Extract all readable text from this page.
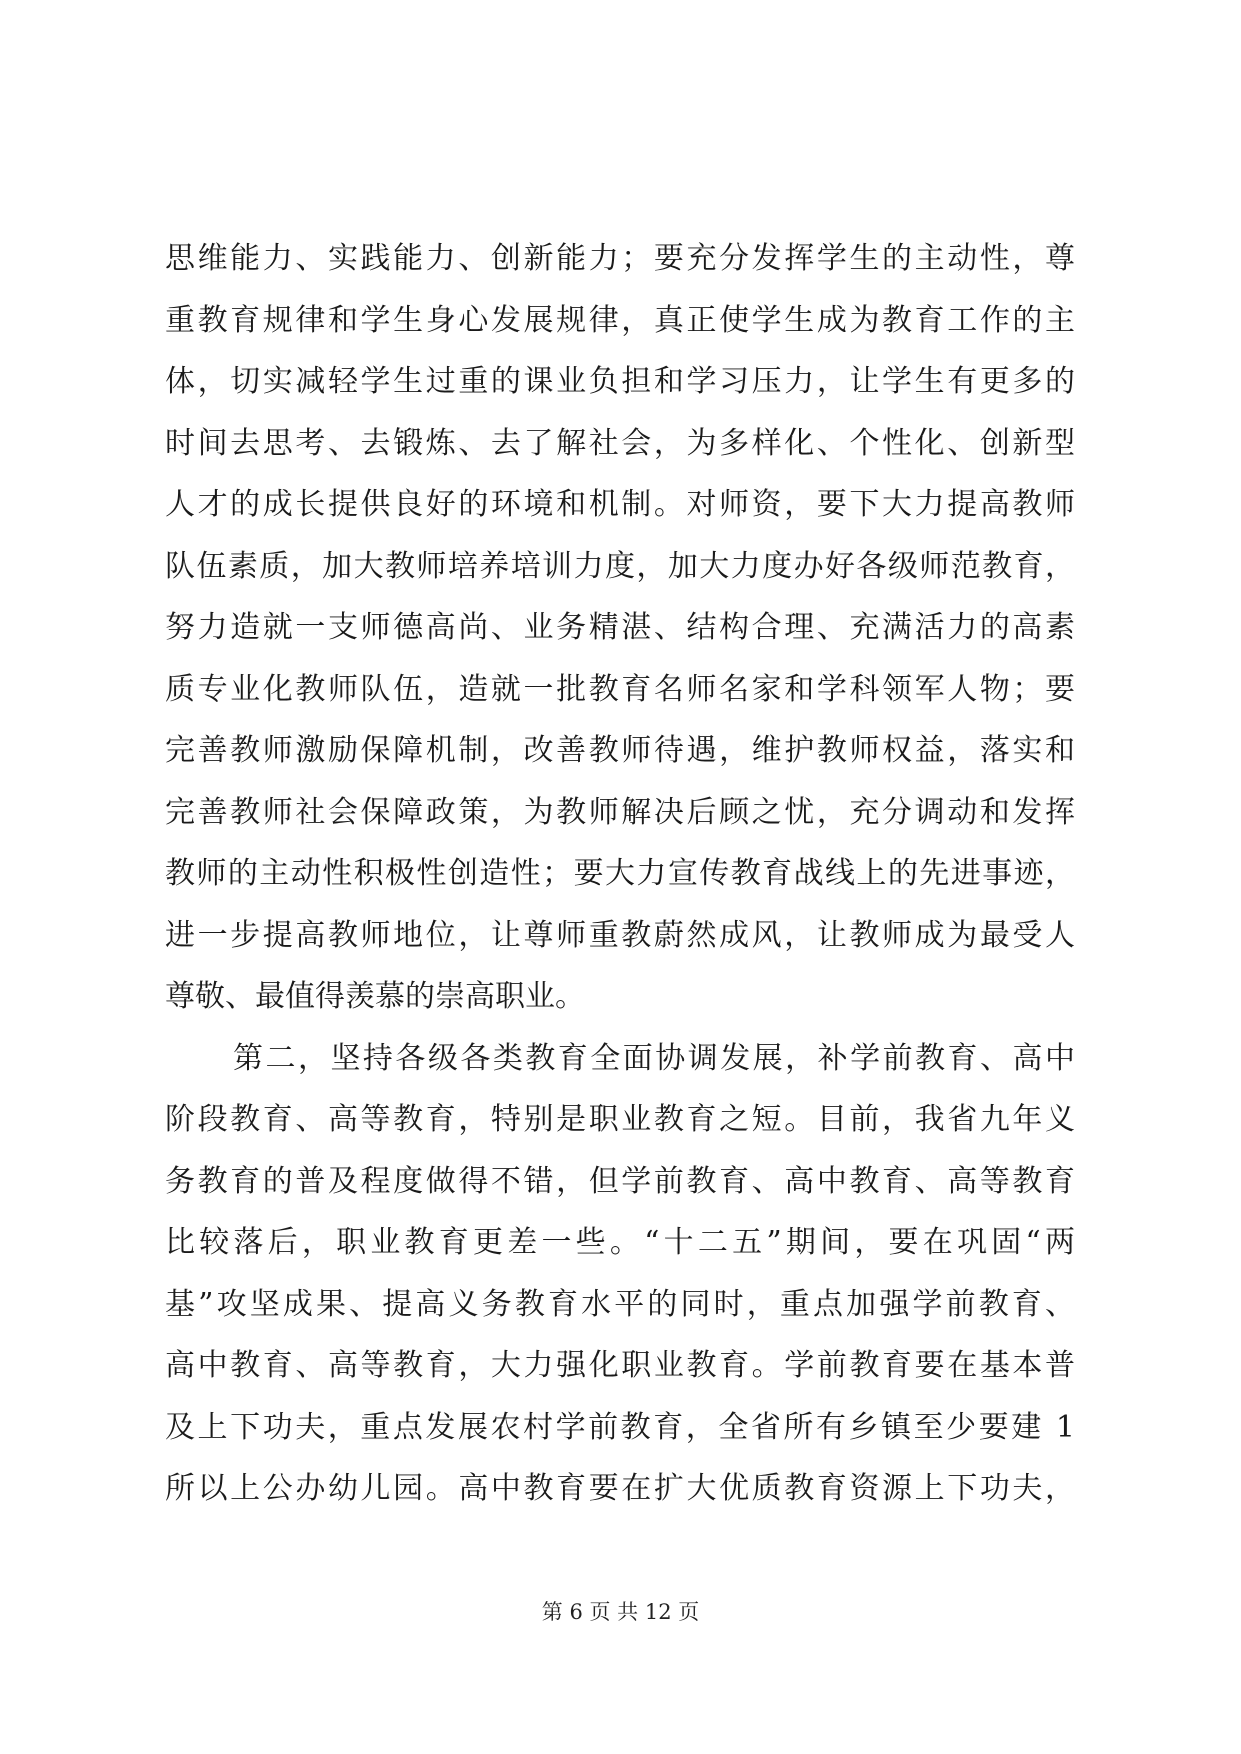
思维能力、实践能力、创新能力；要充分发挥学生的主动性，尊
重教育规律和学生身心发展规律，真正使学生成为教育工作的主
体，切实减轻学生过重的课业负担和学习压力，让学生有更多的
时间去思考、去锻炼、去了解社会，为多样化、个性化、创新型
人才的成长提供良好的环境和机制。对师资，要下大力提高教师
队伍素质，加大教师培养培训力度，加大力度办好各级师范教育，
努力造就一支师德高尚、业务精湛、结构合理、充满活力的高素
质专业化教师队伍，造就一批教育名师名家和学科领军人物；要
完善教师激励保障机制，改善教师待遇，维护教师权益，落实和
完善教师社会保障政策，为教师解决后顾之忧，充分调动和发挥
教师的主动性积极性创造性；要大力宣传教育战线上的先进事迹，
进一步提高教师地位，让尊师重教蔚然成风，让教师成为最受人
尊敬、最值得羡慕的崇高职业。
第二，坚持各级各类教育全面协调发展，补学前教育、高中
阶段教育、高等教育，特别是职业教育之短。目前，我省九年义
务教育的普及程度做得不错，但学前教育、高中教育、高等教育
比较落后，职业教育更差一些。“十二五”期间，要在巩固“两
基”攻坚成果、提高义务教育水平的同时，重点加强学前教育、
高中教育、高等教育，大力强化职业教育。学前教育要在基本普
及上下功夫，重点发展农村学前教育，全省所有乡镇至少要建 1
所以上公办幼儿园。高中教育要在扩大优质教育资源上下功夫，
第 6 页 共 12 页
